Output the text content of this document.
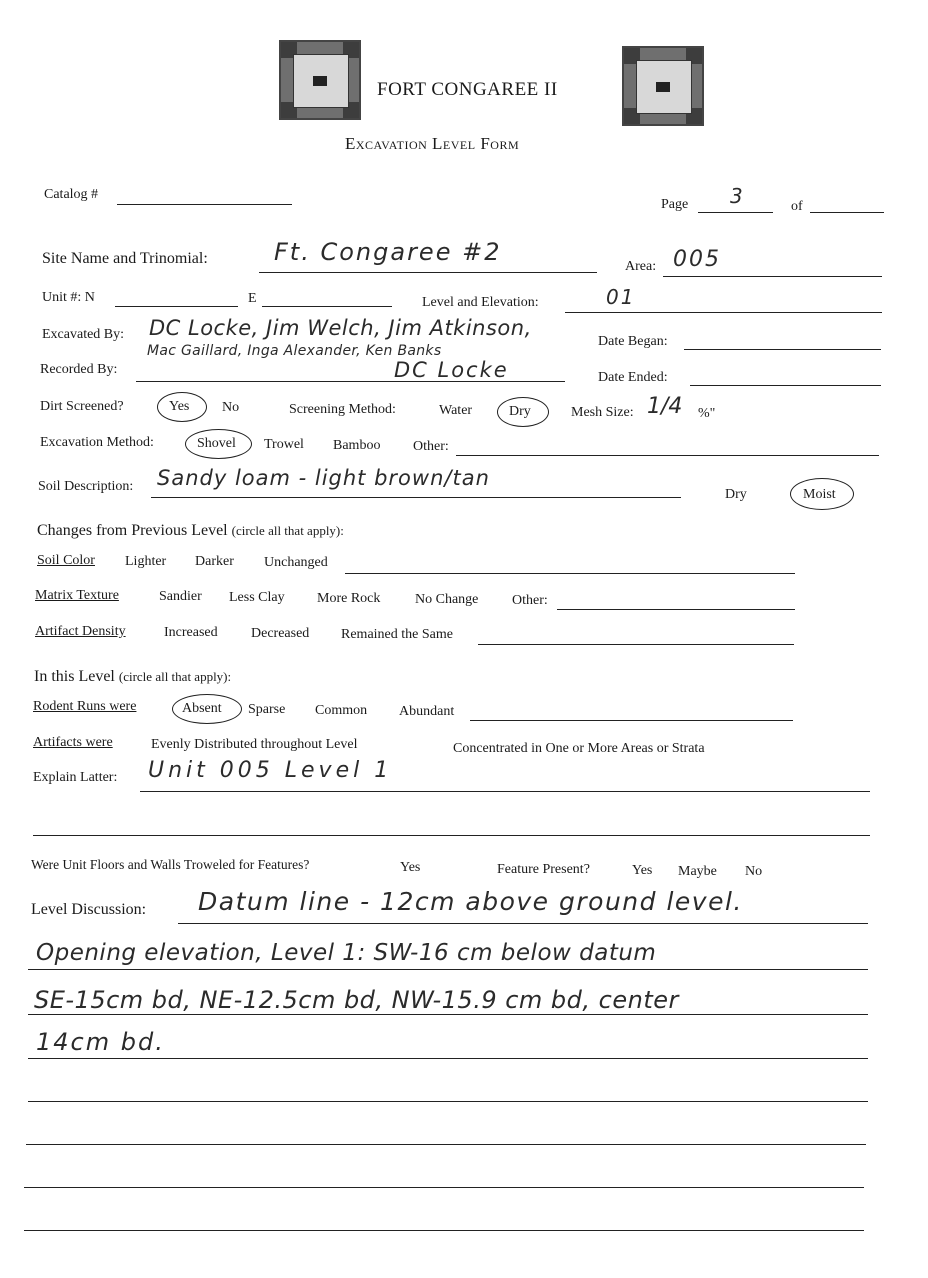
FORT CONGAREE II
Excavation Level Form
Catalog #
Page 3	of
Site Name and Trinomial:	Ft. Congaree #2
Area: 005
Unit #: N	E	Level and Elevation:	01
Excavated By: DC Locke, Jim Welch, Jim Atkinson,
Mac Gaillard, Inga Alexander, Ken Banks
Date Began:
Recorded By:	DC Locke	Date Ended:
Dirt Screened?	Yes No	Screening Method:	Water	Dry	Mesh Size: 1/4 %"
Excavation Method:	Shovel Trowel Bamboo Other:
Soil Description: Sandy loam - light brown/tan
Dry	Moist
Changes from Previous Level (circle all that apply):
Soil Color Lighter Darker Unchanged
Matrix Texture	Sandier Less Clay More Rock No Change Other:
Artifact Density	Increased Decreased Remained the Same
In this Level (circle all that apply):
Rodent Runs were	Absent Sparse Common Abundant
Artifacts were	Evenly Distributed throughout Level	Concentrated in One or More Areas or Strata
Explain Latter: Unit 005 Level 1
Were Unit Floors and Walls Troweled for Features?	Yes	Feature Present?	Yes Maybe No
Level Discussion: Datum line - 12cm above ground level.
Opening elevation, Level 1: SW-16 cm below datum
SE-15cm bd, NE-12.5cm bd, NW-15.9 cm bd, center
14cm bd.
